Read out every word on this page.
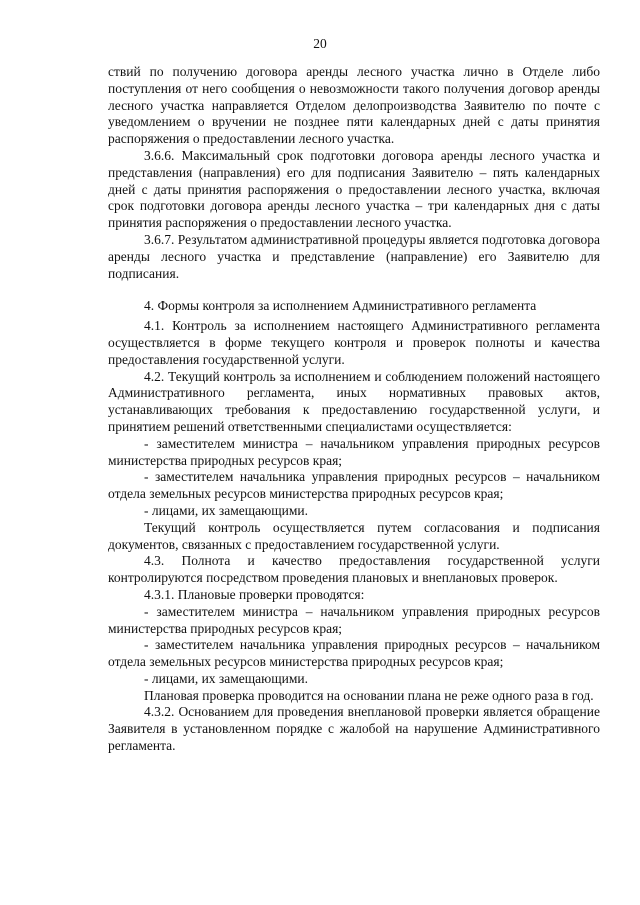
20

ствий по получению договора аренды лесного участка лично в Отделе либо поступления от него сообщения о невозможности такого получения договор аренды лесного участка направляется Отделом делопроизводства Заявителю по почте с уведомлением о вручении не позднее пяти календарных дней с даты принятия распоряжения о предоставлении лесного участка.

3.6.6. Максимальный срок подготовки договора аренды лесного участка и представления (направления) его для подписания Заявителю – пять календарных дней с даты принятия распоряжения о предоставлении лесного участка, включая срок подготовки договора аренды лесного участка – три календарных дня с даты принятия распоряжения о предоставлении лесного участка.

3.6.7. Результатом административной процедуры является подготовка договора аренды лесного участка и представление (направление) его Заявителю для подписания.

4. Формы контроля за исполнением Административного регламента

4.1. Контроль за исполнением настоящего Административного регламента осуществляется в форме текущего контроля и проверок полноты и качества предоставления государственной услуги.

4.2. Текущий контроль за исполнением и соблюдением положений настоящего Административного регламента, иных нормативных правовых актов, устанавливающих требования к предоставлению государственной услуги, и принятием решений ответственными специалистами осуществляется:

- заместителем министра – начальником управления природных ресурсов министерства природных ресурсов края;

- заместителем начальника управления природных ресурсов – начальником отдела земельных ресурсов министерства природных ресурсов края;

- лицами, их замещающими.

Текущий контроль осуществляется путем согласования и подписания документов, связанных с предоставлением государственной услуги.

4.3. Полнота и качество предоставления государственной услуги контролируются посредством проведения плановых и внеплановых проверок.

4.3.1. Плановые проверки проводятся:

- заместителем министра – начальником управления природных ресурсов министерства природных ресурсов края;

- заместителем начальника управления природных ресурсов – начальником отдела земельных ресурсов министерства природных ресурсов края;

- лицами, их замещающими.

Плановая проверка проводится на основании плана не реже одного раза в год.

4.3.2. Основанием для проведения внеплановой проверки является обращение Заявителя в установленном порядке с жалобой на нарушение Административного регламента.
